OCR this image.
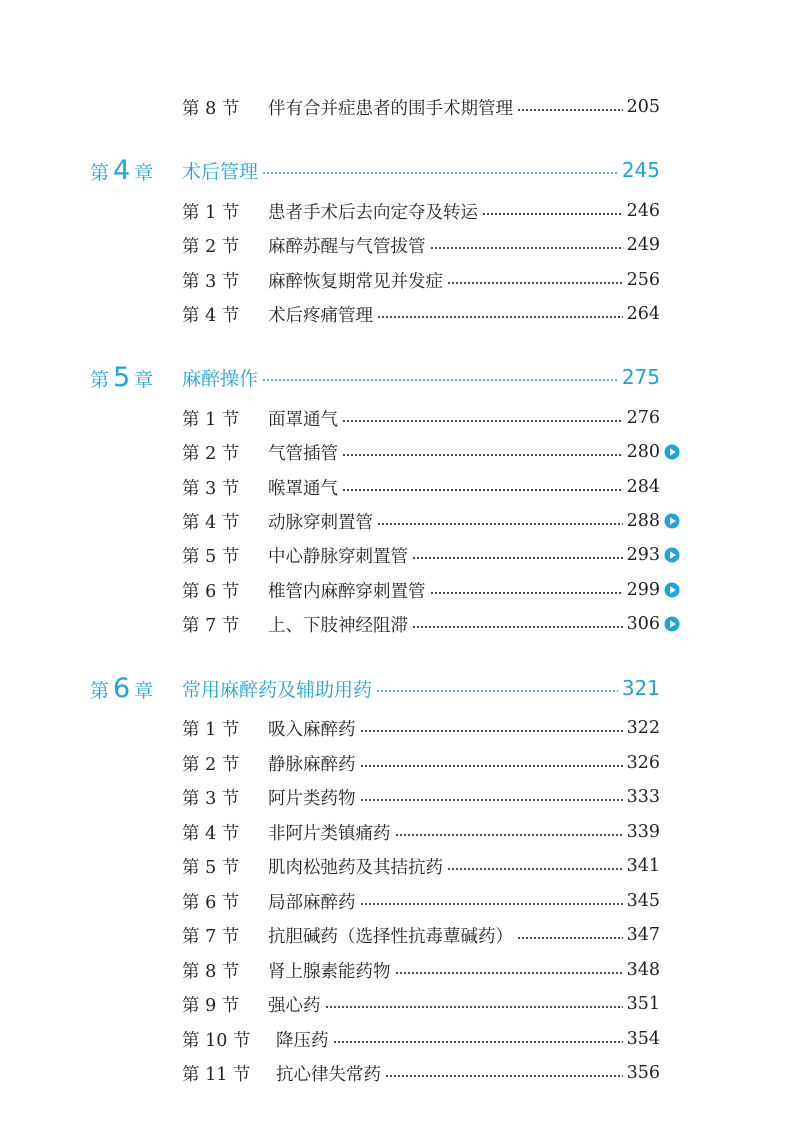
第 8 节	伴有合并症患者的围手术期管理	205
第 4 章	术后管理	245
第 1 节	患者手术后去向定夺及转运	246
第 2 节	麻醉苏醒与气管拔管	249
第 3 节	麻醉恢复期常见并发症	256
第 4 节	术后疼痛管理	264
第 5 章	麻醉操作	275
第 1 节	面罩通气	276
第 2 节	气管插管	280
第 3 节	喉罩通气	284
第 4 节	动脉穿刺置管	288
第 5 节	中心静脉穿刺置管	293
第 6 节	椎管内麻醉穿刺置管	299
第 7 节	上、下肢神经阻滞	306
第 6 章	常用麻醉药及辅助用药	321
第 1 节	吸入麻醉药	322
第 2 节	静脉麻醉药	326
第 3 节	阿片类药物	333
第 4 节	非阿片类镇痛药	339
第 5 节	肌肉松弛药及其拮抗药	341
第 6 节	局部麻醉药	345
第 7 节	抗胆碱药（选择性抗毒蕈碱药）	347
第 8 节	肾上腺素能药物	348
第 9 节	强心药	351
第 10 节	降压药	354
第 11 节	抗心律失常药	356
